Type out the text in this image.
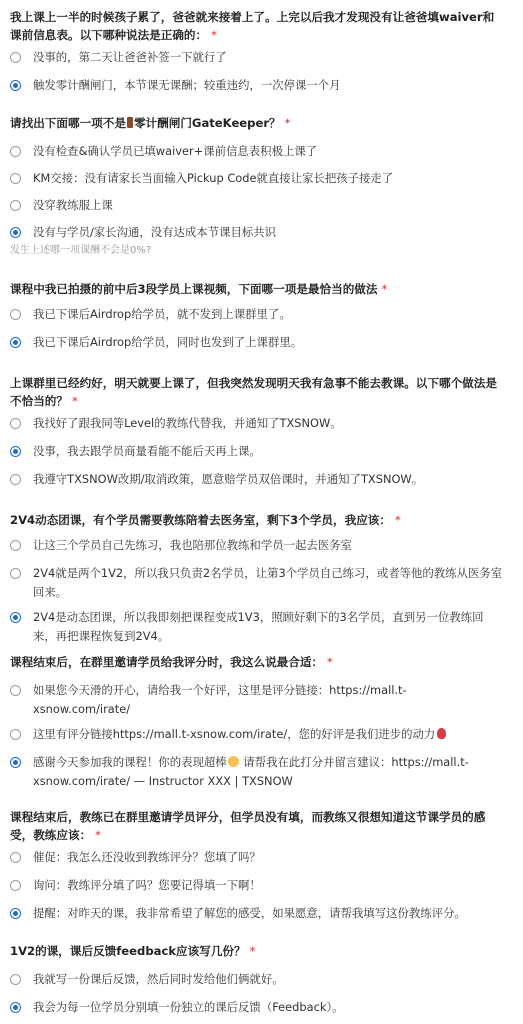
我上课上一半的时候孩子累了，爸爸就来接着上了。上完以后我才发现没有让爸爸填waiver和课前信息表。以下哪种说法是正确的： *
没事的，第二天让爸爸补签一下就行了
触发零计酬闸门，本节课无课酬；较重违约，一次停课一个月
请找出下面哪一项不是 零计酬闸门GateKeeper？ *
没有检查&确认学员已填waiver+课前信息表积极上课了
KM交接：没有请家长当面输入Pickup Code就直接让家长把孩子接走了
没穿教练服上课
没有与学员/家长沟通，没有达成本节课目标共识
发生上述哪一项课酬不会是0%?
课程中我已拍摄的前中后3段学员上课视频，下面哪一项是最恰当的做法 *
我已下课后Airdrop给学员，就不发到上课群里了。
我已下课后Airdrop给学员，同时也发到了上课群里。
上课群里已经约好，明天就要上课了，但我突然发现明天我有急事不能去教课。以下哪个做法是不恰当的？ *
我找好了跟我同等Level的教练代替我，并通知了TXSNOW。
没事，我去跟学员商量看能不能后天再上课。
我遵守TXSNOW改期/取消政策，愿意赔学员双倍课时，并通知了TXSNOW。
2V4动态团课，有个学员需要教练陪着去医务室，剩下3个学员，我应该： *
让这三个学员自己先练习，我也陪那位教练和学员一起去医务室
2V4就是两个1V2，所以我只负责2名学员，让第3个学员自己练习，或者等他的教练从医务室回来。
2V4是动态团课，所以我即刻把课程变成1V3，照顾好剩下的3名学员，直到另一位教练回来，再把课程恢复到2V4。
课程结束后，在群里邀请学员给我评分时，我这么说最合适： *
如果您今天滑的开心，请给我一个好评，这里是评分链接：https://mall.t-xsnow.com/irate/
这里有评分链接https://mall.t-xsnow.com/irate/，您的好评是我们进步的动力
感谢今天参加我的课程！你的表现超棒 请帮我在此打分并留言建议：https://mall.t-xsnow.com/irate/ — Instructor XXX | TXSNOW
课程结束后，教练已在群里邀请学员评分，但学员没有填，而教练又很想知道这节课学员的感受，教练应该： *
催促：我怎么还没收到教练评分？您填了吗？
询问：教练评分填了吗？您要记得填一下啊！
提醒：对昨天的课，我非常希望了解您的感受，如果愿意，请帮我填写这份教练评分。
1V2的课，课后反馈feedback应该写几份？ *
我就写一份课后反馈，然后同时发给他们俩就好。
我会为每一位学员分别填一份独立的课后反馈（Feedback）。
